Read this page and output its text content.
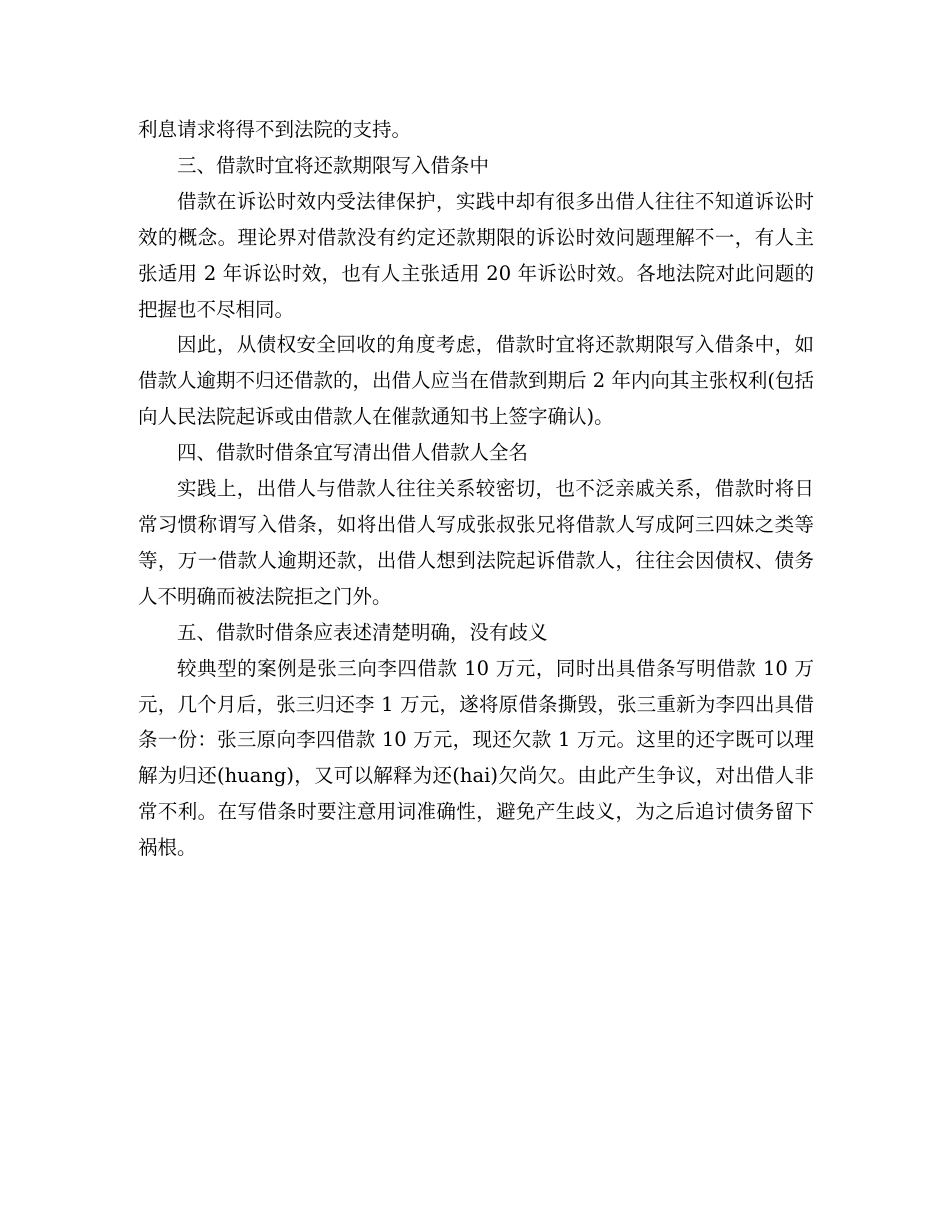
利息请求将得不到法院的支持。

三、借款时宜将还款期限写入借条中

借款在诉讼时效内受法律保护，实践中却有很多出借人往往不知道诉讼时效的概念。理论界对借款没有约定还款期限的诉讼时效问题理解不一，有人主张适用 2 年诉讼时效，也有人主张适用 20 年诉讼时效。各地法院对此问题的把握也不尽相同。

因此，从债权安全回收的角度考虑，借款时宜将还款期限写入借条中，如借款人逾期不归还借款的，出借人应当在借款到期后 2 年内向其主张权利(包括向人民法院起诉或由借款人在催款通知书上签字确认)。

四、借款时借条宜写清出借人借款人全名

实践上，出借人与借款人往往关系较密切，也不泛亲戚关系，借款时将日常习惯称谓写入借条，如将出借人写成张叔张兄将借款人写成阿三四妹之类等等，万一借款人逾期还款，出借人想到法院起诉借款人，往往会因债权、债务人不明确而被法院拒之门外。

五、借款时借条应表述清楚明确，没有歧义

较典型的案例是张三向李四借款 10 万元，同时出具借条写明借款 10 万元，几个月后，张三归还李 1 万元，遂将原借条撕毁，张三重新为李四出具借条一份：张三原向李四借款 10 万元，现还欠款 1 万元。这里的还字既可以理解为归还(huang)，又可以解释为还(hai)欠尚欠。由此产生争议，对出借人非常不利。在写借条时要注意用词准确性，避免产生歧义，为之后追讨债务留下祸根。
